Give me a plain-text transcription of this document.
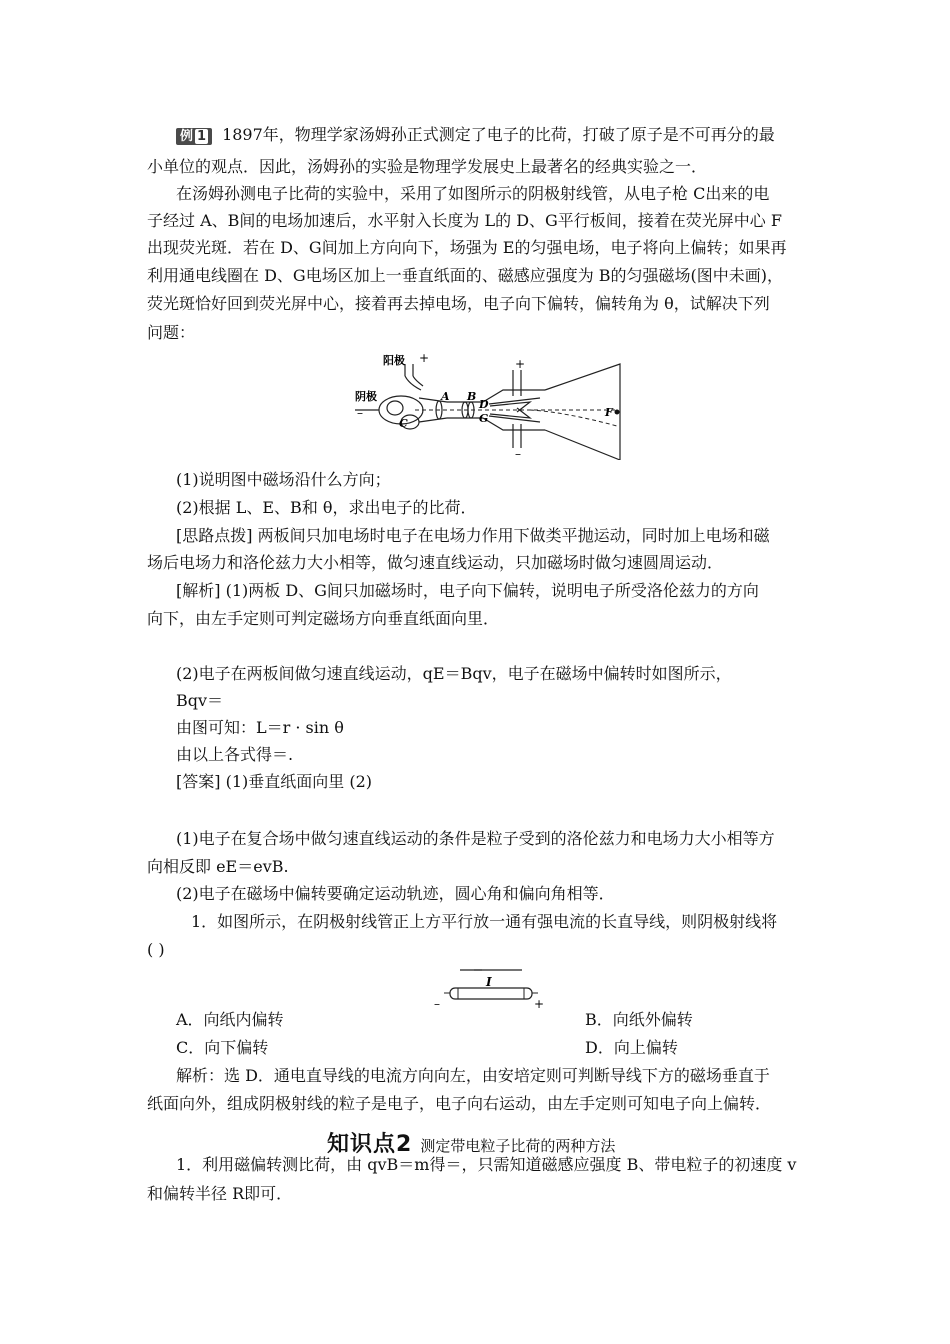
例 1 1897年，物理学家汤姆孙正式测定了电子的比荷，打破了原子是不可再分的最
小单位的观点．因此，汤姆孙的实验是物理学发展史上最著名的经典实验之一．
在汤姆孙测电子比荷的实验中，采用了如图所示的阴极射线管，从电子枪 C出来的电
子经过 A、B间的电场加速后，水平射入长度为 L的 D、G平行板间，接着在荧光屏中心 F
出现荧光斑．若在 D、G间加上方向向下，场强为 E的匀强电场，电子将向上偏转；如果再
利用通电线圈在 D、G电场区加上一垂直纸面的、磁感应强度为 B的匀强磁场(图中未画)，
荧光斑恰好回到荧光屏中心，接着再去掉电场，电子向下偏转，偏转角为 θ，试解决下列
问题：
阳极 +
阴极
–
C
A B
D
G
+
–
F
(1)说明图中磁场沿什么方向；
(2)根据 L、E、B和 θ，求出电子的比荷．
[思路点拨] 两板间只加电场时电子在电场力作用下做类平抛运动，同时加上电场和磁
场后电场力和洛伦兹力大小相等，做匀速直线运动，只加磁场时做匀速圆周运动．
[解析] (1)两板 D、G间只加磁场时，电子向下偏转，说明电子所受洛伦兹力的方向
向下，由左手定则可判定磁场方向垂直纸面向里．
(2)电子在两板间做匀速直线运动，qE＝Bqv，电子在磁场中偏转时如图所示，
Bqv＝
由图可知：L＝r · sin θ
由以上各式得＝.
[答案] (1)垂直纸面向里 (2)
(1)电子在复合场中做匀速直线运动的条件是粒子受到的洛伦兹力和电场力大小相等方
向相反即 eE＝evB.
(2)电子在磁场中偏转要确定运动轨迹，圆心角和偏向角相等．
1．如图所示，在阴极射线管正上方平行放一通有强电流的长直导线，则阴极射线将
( )
I
–	+
A．向纸内偏转	B．向纸外偏转
C．向下偏转	D．向上偏转
解析：选 D．通电直导线的电流方向向左，由安培定则可判断导线下方的磁场垂直于
纸面向外，组成阴极射线的粒子是电子，电子向右运动，由左手定则可知电子向上偏转．
知识点2 测定带电粒子比荷的两种方法
1．利用磁偏转测比荷，由 qvB＝m得＝，只需知道磁感应强度 B、带电粒子的初速度 v
和偏转半径 R即可．
